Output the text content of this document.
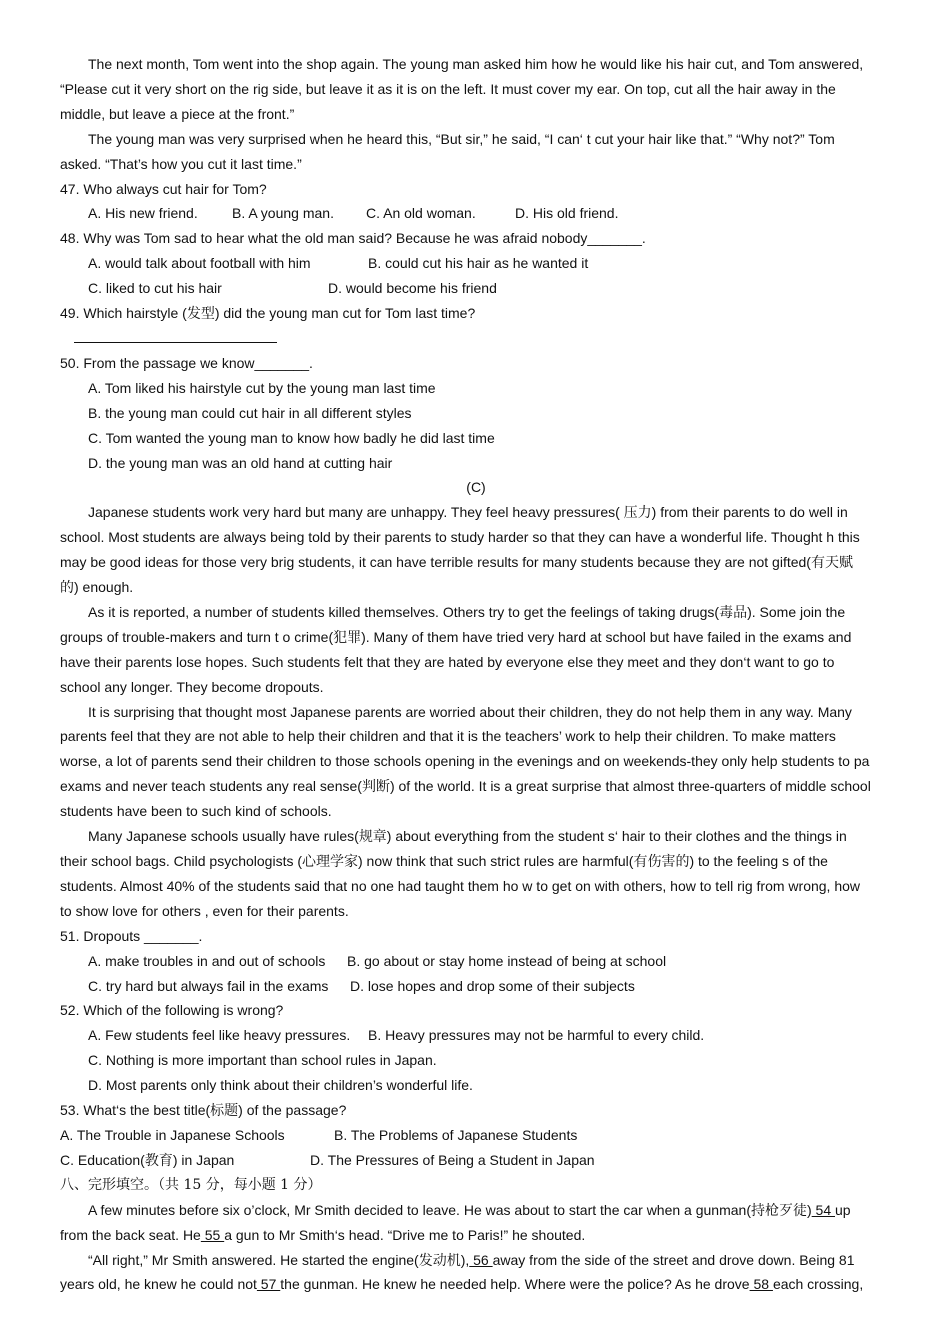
The next month, Tom went into the shop again. The young man asked him how he would like his hair cut, and Tom answered,
“Please cut it very short on the rig side, but leave it as it is on the left. It must cover my ear. On top, cut all the hair away in the
middle, but leave a piece at the front.”
The young man was very surprised when he heard this, “But sir,” he said, “I can‘ t cut your hair like that.” “Why not?” Tom
asked. “That’s how you cut it last time.”
47. Who always cut hair for Tom?
A. His new friend. B. A young man. C. An old woman.	D. His old friend.
48. Why was Tom sad to hear what the old man said? Because he was afraid nobody_______.
A. would talk about football with him	B. could cut his hair as he wanted it
C. liked to cut his hair	D. would become his friend
49. Which hairstyle (发型) did the young man cut for Tom last time?
50. From the passage we know_______.
A. Tom liked his hairstyle cut by the young man last time
B. the young man could cut hair in all different styles
C. Tom wanted the young man to know how badly he did last time
D. the young man was an old hand at cutting hair
(C)
Japanese students work very hard but many are unhappy. They feel heavy pressures( 压力) from their parents to do well in
school. Most students are always being told by their parents to study harder so that they can have a wonderful life. Thought h this
may be good ideas for those very brig students, it can have terrible results for many students because they are not gifted(有天赋
的) enough.
As it is reported, a number of students killed themselves. Others try to get the feelings of taking drugs(毒品). Some join the
groups of trouble-makers and turn t o crime(犯罪). Many of them have tried very hard at school but have failed in the exams and
have their parents lose hopes. Such students felt that they are hated by everyone else they meet and they don‘t want to go to
school any longer. They become dropouts.
It is surprising that thought most Japanese parents are worried about their children, they do not help them in any way. Many
parents feel that they are not able to help their children and that it is the teachers’ work to help their children. To make matters
worse, a lot of parents send their children to those schools opening in the evenings and on weekends-they only help students to pa
exams and never teach students any real sense(判断) of the world. It is a great surprise that almost three-quarters of middle school
students have been to such kind of schools.
Many Japanese schools usually have rules(规章) about everything from the student s‘ hair to their clothes and the things in
their school bags. Child psychologists (心理学家) now think that such strict rules are harmful(有伤害的) to the feeling s of the
students. Almost 40% of the students said that no one had taught them ho w to get on with others, how to tell rig from wrong, how
to show love for others , even for their parents.
51. Dropouts _______.
A. make troubles in and out of schools B. go about or stay home instead of being at school
C. try hard but always fail in the exams D. lose hopes and drop some of their subjects
52. Which of the following is wrong?
A. Few students feel like heavy pressures. B. Heavy pressures may not be harmful to every child.
C. Nothing is more important than school rules in Japan.
D. Most parents only think about their children’s wonderful life.
53. What‘s the best title(标题) of the passage?
A. The Trouble in Japanese Schools	B. The Problems of Japanese Students
C. Education(教育) in Japan	D. The Pressures of Being a Student in Japan
八、完形填空。（共 15 分，每小题 1 分）
A few minutes before six o’clock, Mr Smith decided to leave. He was about to start the car when a gunman(持枪歹徒) 54 up
from the back seat. He 55 a gun to Mr Smith‘s head. “Drive me to Paris!” he shouted.
“All right,” Mr Smith answered. He started the engine(发动机), 56 away from the side of the street and drove down. Being 81
years old, he knew he could not 57 the gunman. He knew he needed help. Where were the police? As he drove 58 each crossing,
